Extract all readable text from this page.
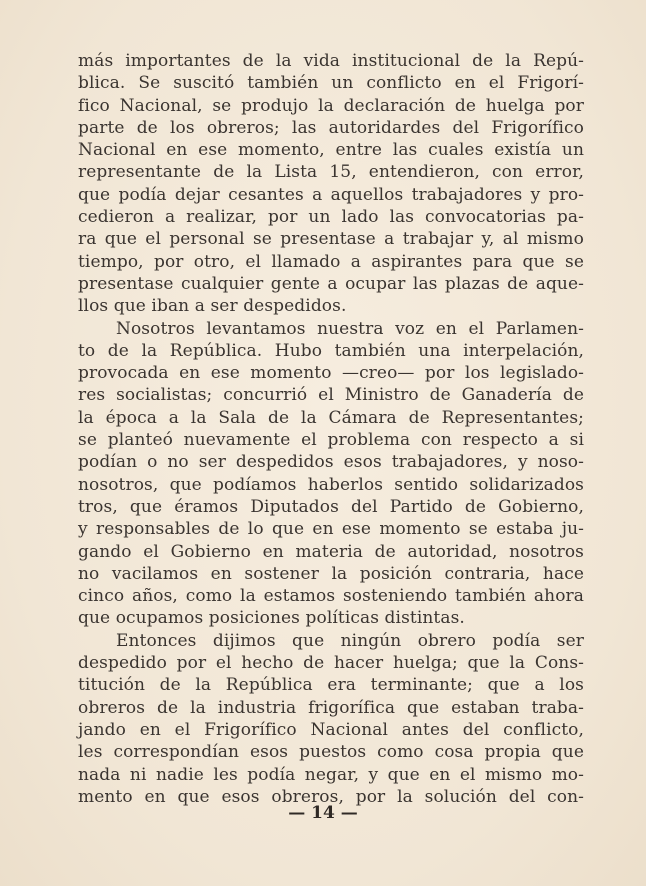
más importantes de la vida institucional de la Repú-
blica. Se suscitó también un conflicto en el Frigorí-
fico Nacional, se produjo la declaración de huelga por
parte de los obreros; las autoridardes del Frigorífico
Nacional en ese momento, entre las cuales existía un
representante de la Lista 15, entendieron, con error,
que podía dejar cesantes a aquellos trabajadores y pro-
cedieron a realizar, por un lado las convocatorias pa-
ra que el personal se presentase a trabajar y, al mismo
tiempo, por otro, el llamado a aspirantes para que se
presentase cualquier gente a ocupar las plazas de aque-
llos que iban a ser despedidos.
Nosotros levantamos nuestra voz en el Parlamen-
to de la República. Hubo también una interpelación,
provocada en ese momento —creo— por los legislado-
res socialistas; concurrió el Ministro de Ganadería de
la época a la Sala de la Cámara de Representantes;
se planteó nuevamente el problema con respecto a si
podían o no ser despedidos esos trabajadores, y noso-
nosotros, que podíamos haberlos sentido solidarizados
tros, que éramos Diputados del Partido de Gobierno,
y responsables de lo que en ese momento se estaba ju-
gando el Gobierno en materia de autoridad, nosotros
no vacilamos en sostener la posición contraria, hace
cinco años, como la estamos sosteniendo también ahora
que ocupamos posiciones políticas distintas.
Entonces dijimos que ningún obrero podía ser
despedido por el hecho de hacer huelga; que la Cons-
titución de la República era terminante; que a los
obreros de la industria frigorífica que estaban traba-
jando en el Frigorífico Nacional antes del conflicto,
les correspondían esos puestos como cosa propia que
nada ni nadie les podía negar, y que en el mismo mo-
mento en que esos obreros, por la solución del con-
— 14 —
